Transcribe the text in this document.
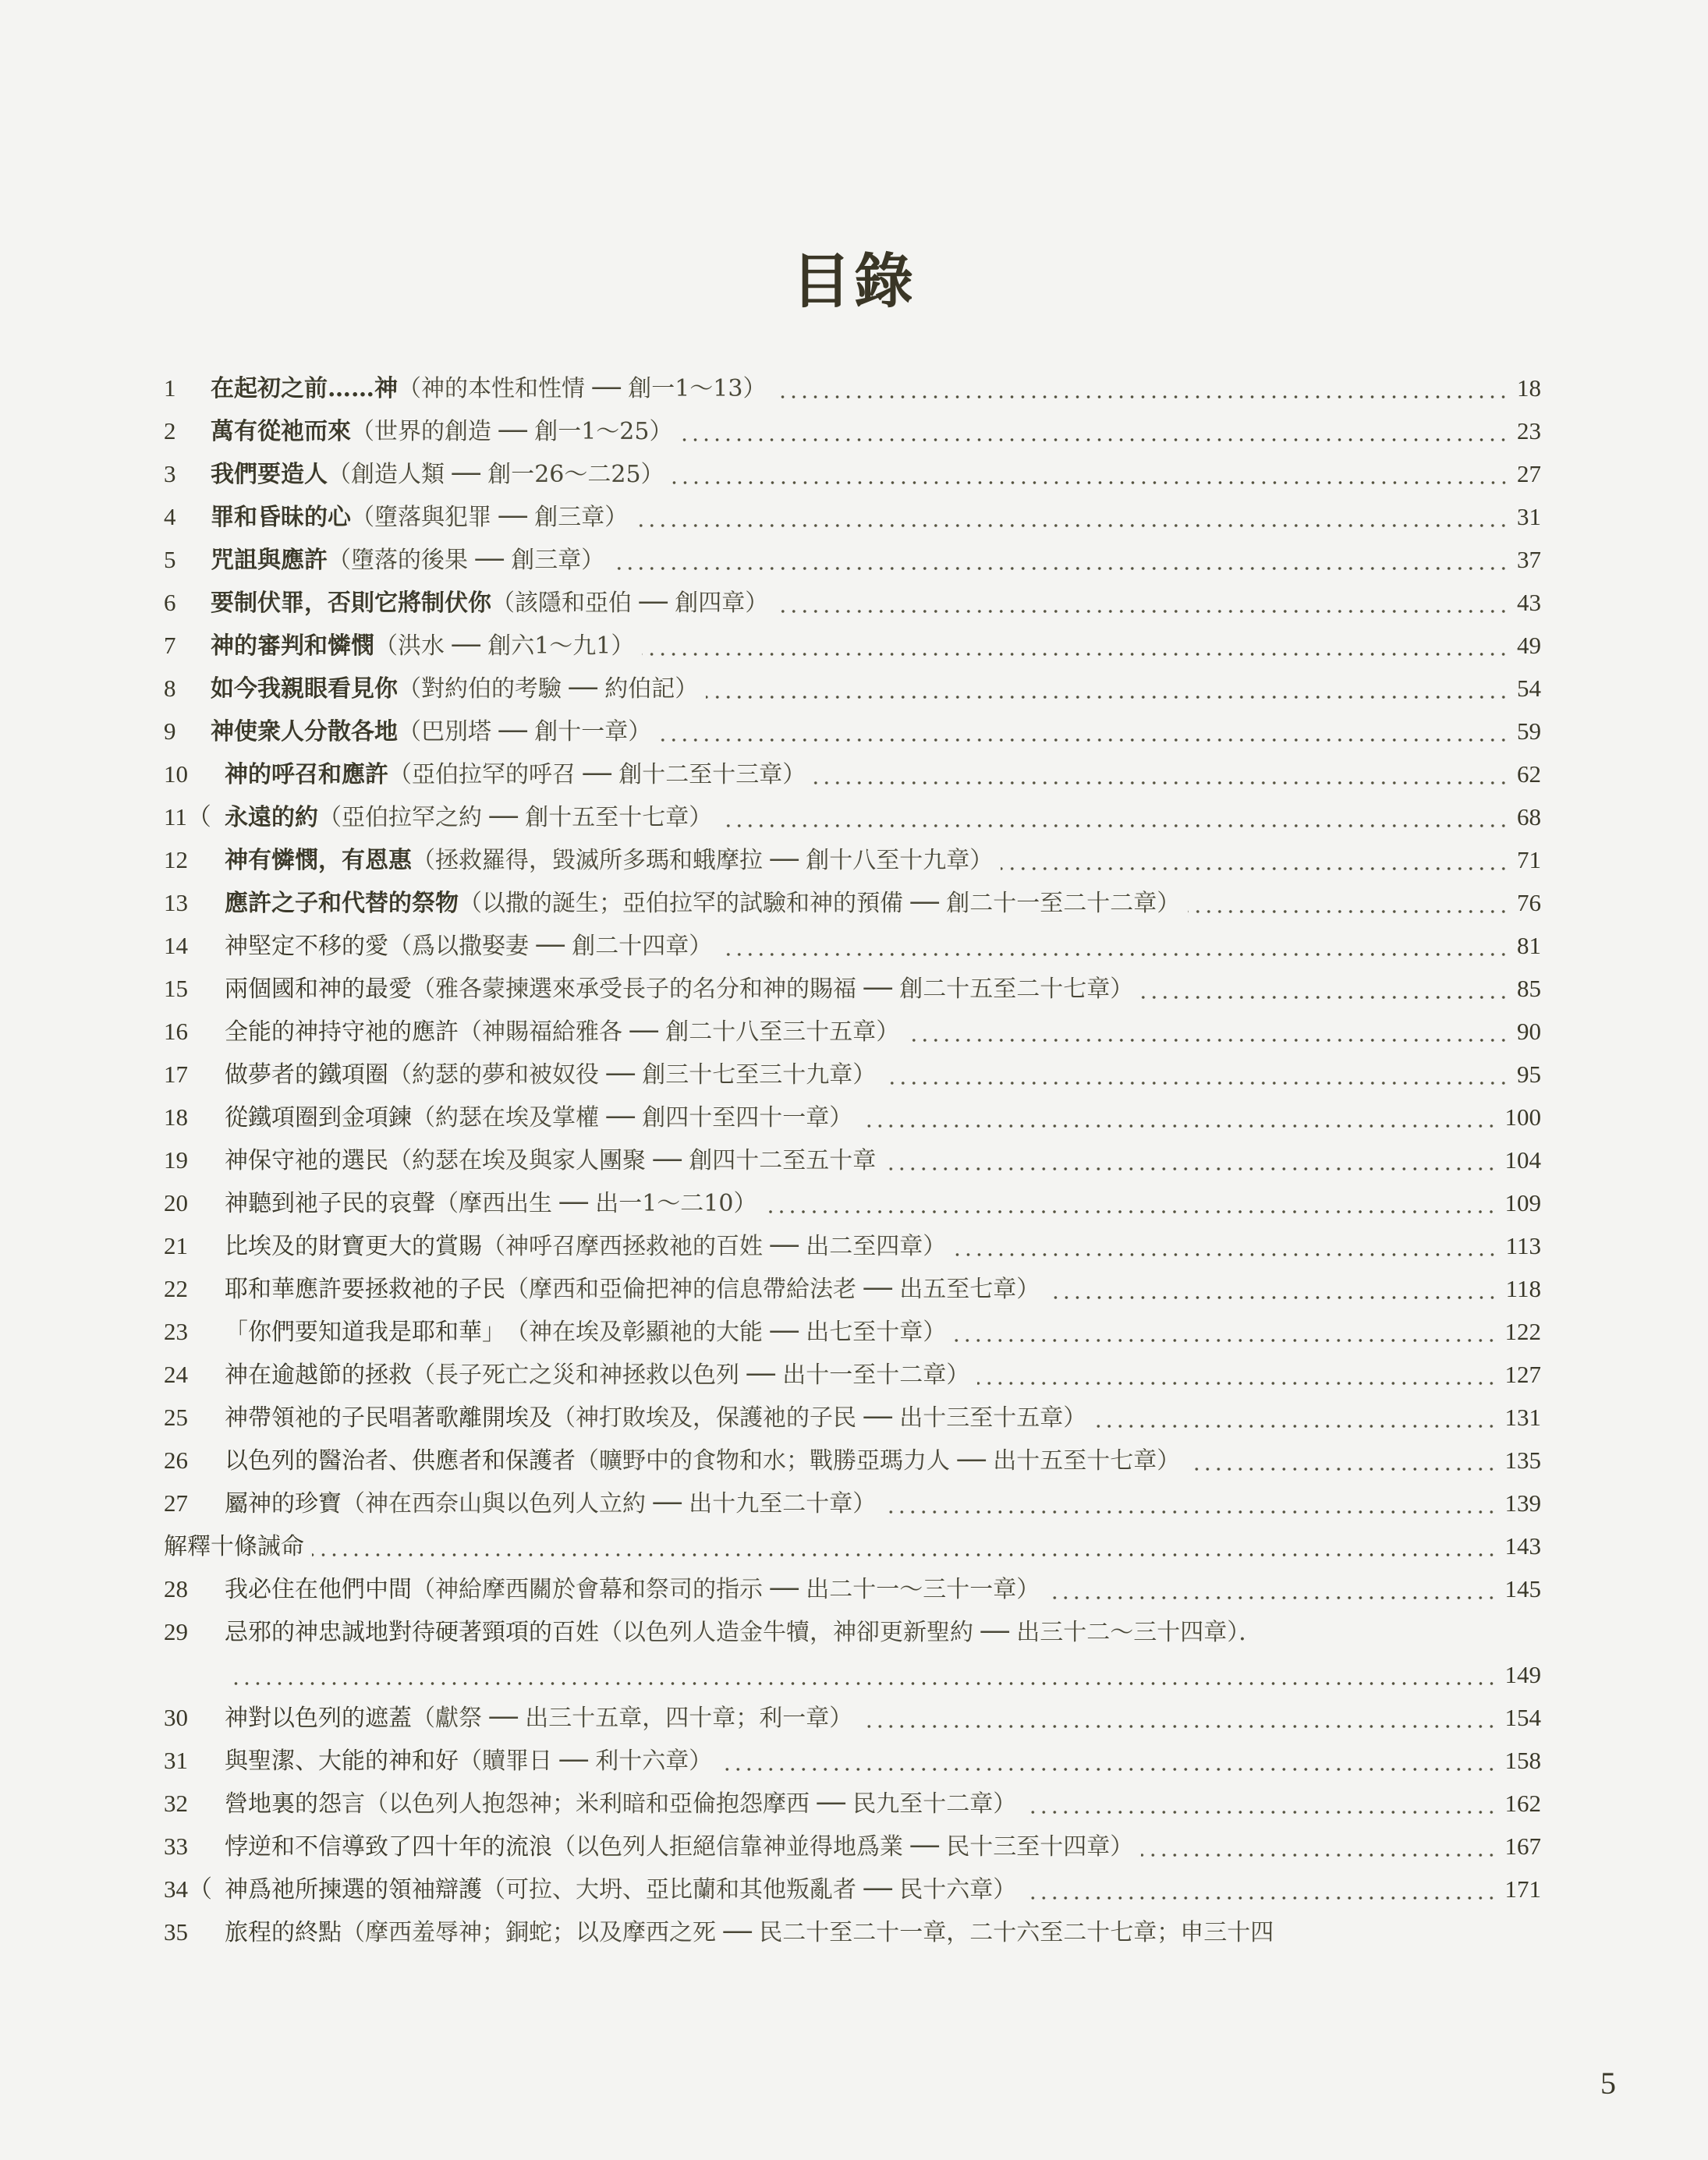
目錄
1	在起初之前……神 （神的本性和性情 ── 創一1～13）	18
2	萬有從祂而來 （世界的創造 ── 創一1～25）	23
3	我們要造人 （創造人類 ── 創一26～二25）	27
4	罪和昏昧的心 （墮落與犯罪 ── 創三章）	31
5	咒詛與應許 （墮落的後果 ── 創三章）	37
6	要制伏罪，否則它將制伏你 （該隱和亞伯 ── 創四章）	43
7	神的審判和憐憫 （洪水 ── 創六1～九1）	49
8	如今我親眼看見你 （對約伯的考驗 ── 約伯記）	54
9	神使衆人分散各地 （巴別塔 ── 創十一章）	59
10	神的呼召和應許 （亞伯拉罕的呼召 ── 創十二至十三章）	62
11（ 永遠的約 （亞伯拉罕之約 ── 創十五至十七章）	68
12	神有憐憫，有恩惠 （拯救羅得，毀滅所多瑪和蛾摩拉 ── 創十八至十九章）	71
13	應許之子和代替的祭物 （以撒的誕生；亞伯拉罕的試驗和神的預備 ── 創二十一至二十二章）	76
14	神堅定不移的愛 （爲以撒娶妻 ── 創二十四章）	81
15	兩個國和神的最愛 （雅各蒙揀選來承受長子的名分和神的賜福 ── 創二十五至二十七章）	85
16	全能的神持守祂的應許 （神賜福給雅各 ── 創二十八至三十五章）	90
17	做夢者的鐵項圈 （約瑟的夢和被奴役 ── 創三十七至三十九章）	95
18	從鐵項圈到金項鍊 （約瑟在埃及掌權 ── 創四十至四十一章）	100
19	神保守祂的選民 （約瑟在埃及與家人團聚 ── 創四十二至五十章	104
20	神聽到祂子民的哀聲 （摩西出生 ── 出一1～二10）	109
21	比埃及的財寶更大的賞賜 （神呼召摩西拯救祂的百姓 ── 出二至四章）	113
22	耶和華應許要拯救祂的子民 （摩西和亞倫把神的信息帶給法老 ── 出五至七章）	118
23	「你們要知道我是耶和華」 （神在埃及彰顯祂的大能 ── 出七至十章）	122
24	神在逾越節的拯救 （長子死亡之災和神拯救以色列 ── 出十一至十二章）	127
25	神帶領祂的子民唱著歌離開埃及 （神打敗埃及，保護祂的子民 ── 出十三至十五章）	131
26	以色列的醫治者、供應者和保護者 （曠野中的食物和水；戰勝亞瑪力人 ── 出十五至十七章）	135
27	屬神的珍寶 （神在西奈山與以色列人立約 ── 出十九至二十章）	139
解釋十條誡命	143
28	我必住在他們中間 （神給摩西關於會幕和祭司的指示 ── 出二十一～三十一章）	145
29	忌邪的神忠誠地對待硬著頸項的百姓 （以色列人造金牛犢，神卻更新聖約 ── 出三十二～三十四章）．
149
30	神對以色列的遮蓋 （獻祭 ── 出三十五章，四十章；利一章）	154
31	與聖潔、大能的神和好 （贖罪日 ── 利十六章）	158
32	營地裏的怨言 （以色列人抱怨神；米利暗和亞倫抱怨摩西 ── 民九至十二章）	162
33	悖逆和不信導致了四十年的流浪 （以色列人拒絕信靠神並得地爲業 ── 民十三至十四章）	167
34（ 神爲祂所揀選的領袖辯護 （可拉、大坍、亞比蘭和其他叛亂者 ── 民十六章）	171
35	旅程的終點 （摩西羞辱神；銅蛇；以及摩西之死 ── 民二十至二十一章，二十六至二十七章；申三十四
5
